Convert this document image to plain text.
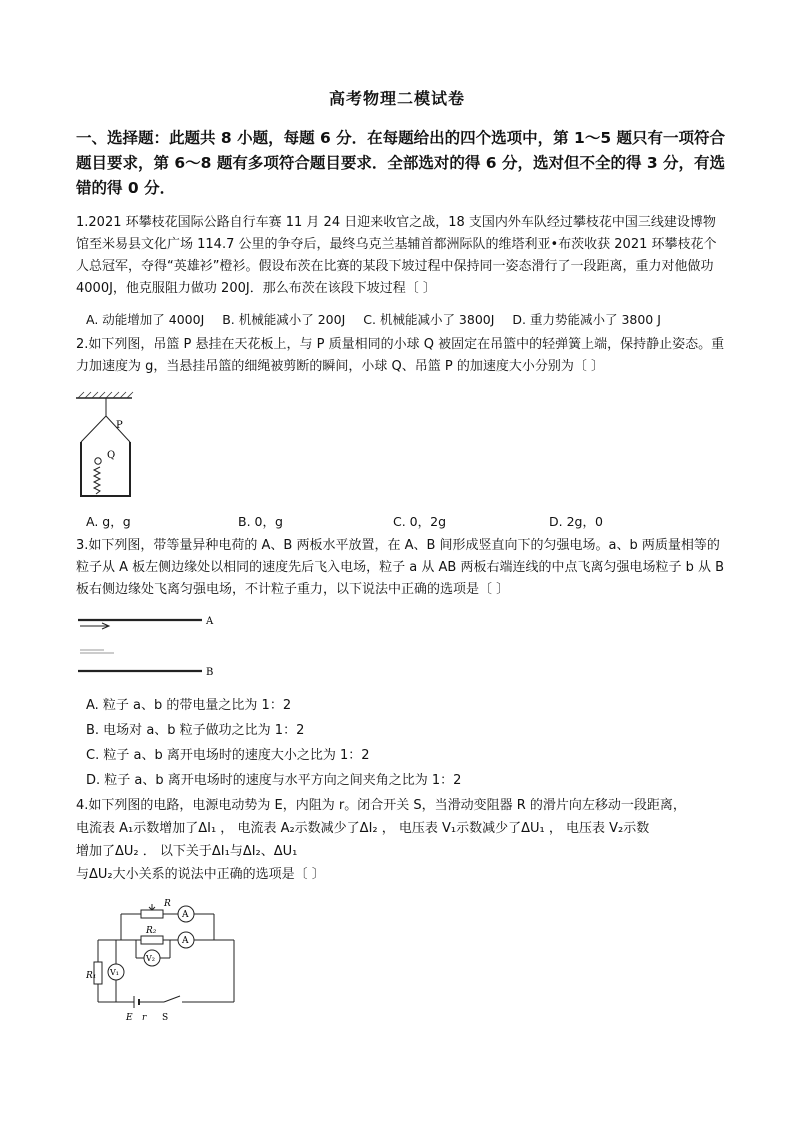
高考物理二模试卷
一、选择题：此题共 8 小题，每题 6 分．在每题给出的四个选项中，第 1～5 题只有一项符合题目要求，第 6～8 题有多项符合题目要求．全部选对的得 6 分，选对但不全的得 3 分，有选错的得 0 分．
1.2021 环攀枝花国际公路自行车赛 11 月 24 日迎来收官之战，18 支国内外车队经过攀枝花中国三线建设博物馆至米易县文化广场 114.7 公里的争夺后，最终乌克兰基辅首都洲际队的维塔利亚•布茨收获 2021 环攀枝花个人总冠军，夺得“英雄衫”橙衫。假设布茨在比赛的某段下坡过程中保持同一姿态滑行了一段距离，重力对他做功 4000J，他克服阻力做功 200J．那么布茨在该段下坡过程〔 〕
A. 动能增加了 4000J B. 机械能减小了 200J C. 机械能减小了 3800J D. 重力势能减小了 3800 J
2.如下列图，吊篮 P 悬挂在天花板上，与 P 质量相同的小球 Q 被固定在吊篮中的轻弹簧上端，保持静止姿态。重力加速度为 g，当悬挂吊篮的细绳被剪断的瞬间，小球 Q、吊篮 P 的加速度大小分别为〔 〕
P
Q
A. g，g	B. 0，g	C. 0，2g	D. 2g，0
3.如下列图，带等量异种电荷的 A、B 两板水平放置，在 A、B 间形成竖直向下的匀强电场。a、b 两质量相等的粒子从 A 板左侧边缘处以相同的速度先后飞入电场，粒子 a 从 AB 两板右端连线的中点飞离匀强电场粒子 b 从 B 板右侧边缘处飞离匀强电场，不计粒子重力，以下说法中正确的选项是〔 〕
A
B
A. 粒子 a、b 的带电量之比为 1：2
B. 电场对 a、b 粒子做功之比为 1：2
C. 粒子 a、b 离开电场时的速度大小之比为 1：2
D. 粒子 a、b 离开电场时的速度与水平方向之间夹角之比为 1：2
4.如下列图的电路，电源电动势为 E，内阻为 r。闭合开关 S，当滑动变阻器 R 的滑片向左移动一段距离，
电流表 A₁示数增加了ΔI₁ ， 电流表 A₂示数减少了ΔI₂ ， 电压表 V₁示数减少了ΔU₁ ， 电压表 V₂示数
增加了ΔU₂ ． 以下关于ΔI₁与ΔI₂、ΔU₁
与ΔU₂大小关系的说法中正确的选项是〔 〕
R
R₂
R₁
A
A
V₁
V₂
E r S
